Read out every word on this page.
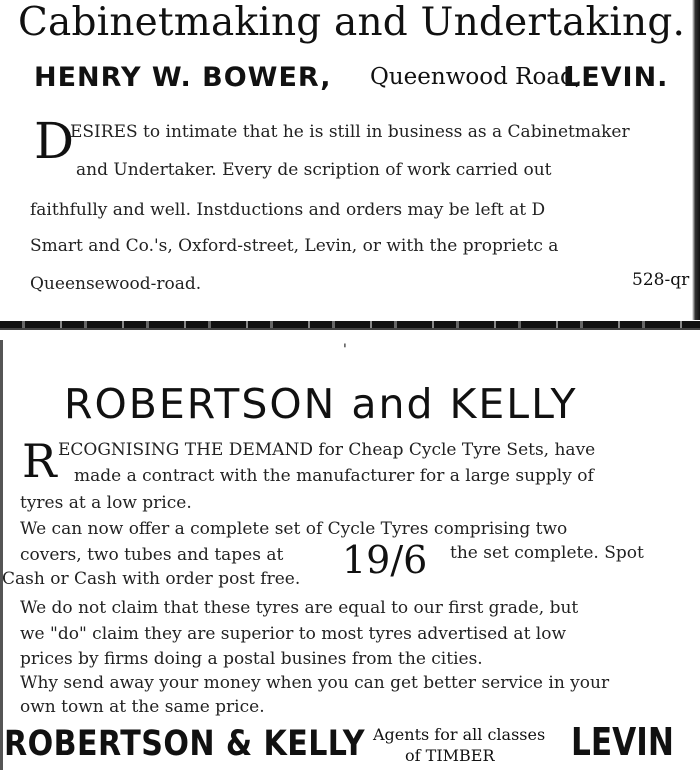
Cabinetmaking and Undertaking.
HENRY W. BOWER, Queenwood Road,
LEVIN.
D
ESIRES to intimate that he is still in business as a Cabinetmaker
and Undertaker. Every de scription of work carried out
faithfully and well. Instductions and orders may be left at D
Smart and Co.'s, Oxford-street, Levin, or with the proprietc a
Queensewood-road.	528-qr
'
ROBERTSON and KELLY
R ECOGNISING THE DEMAND for Cheap Cycle Tyre Sets, have
made a contract with the manufacturer for a large supply of
tyres at a low price.
We can now offer a complete set of Cycle Tyres comprising two
covers, two tubes and tapes at
Cash or Cash with order post free. 19/6 the set complete. Spot
We do not claim that these tyres are equal to our first grade, but
we "do" claim they are superior to most tyres advertised at low
prices by firms doing a postal busines from the cities.
Why send away your money when you can get better service in your
own town at the same price.
ROBERTSON & KELLY Agents for all classes
of TIMBER LEVIN
